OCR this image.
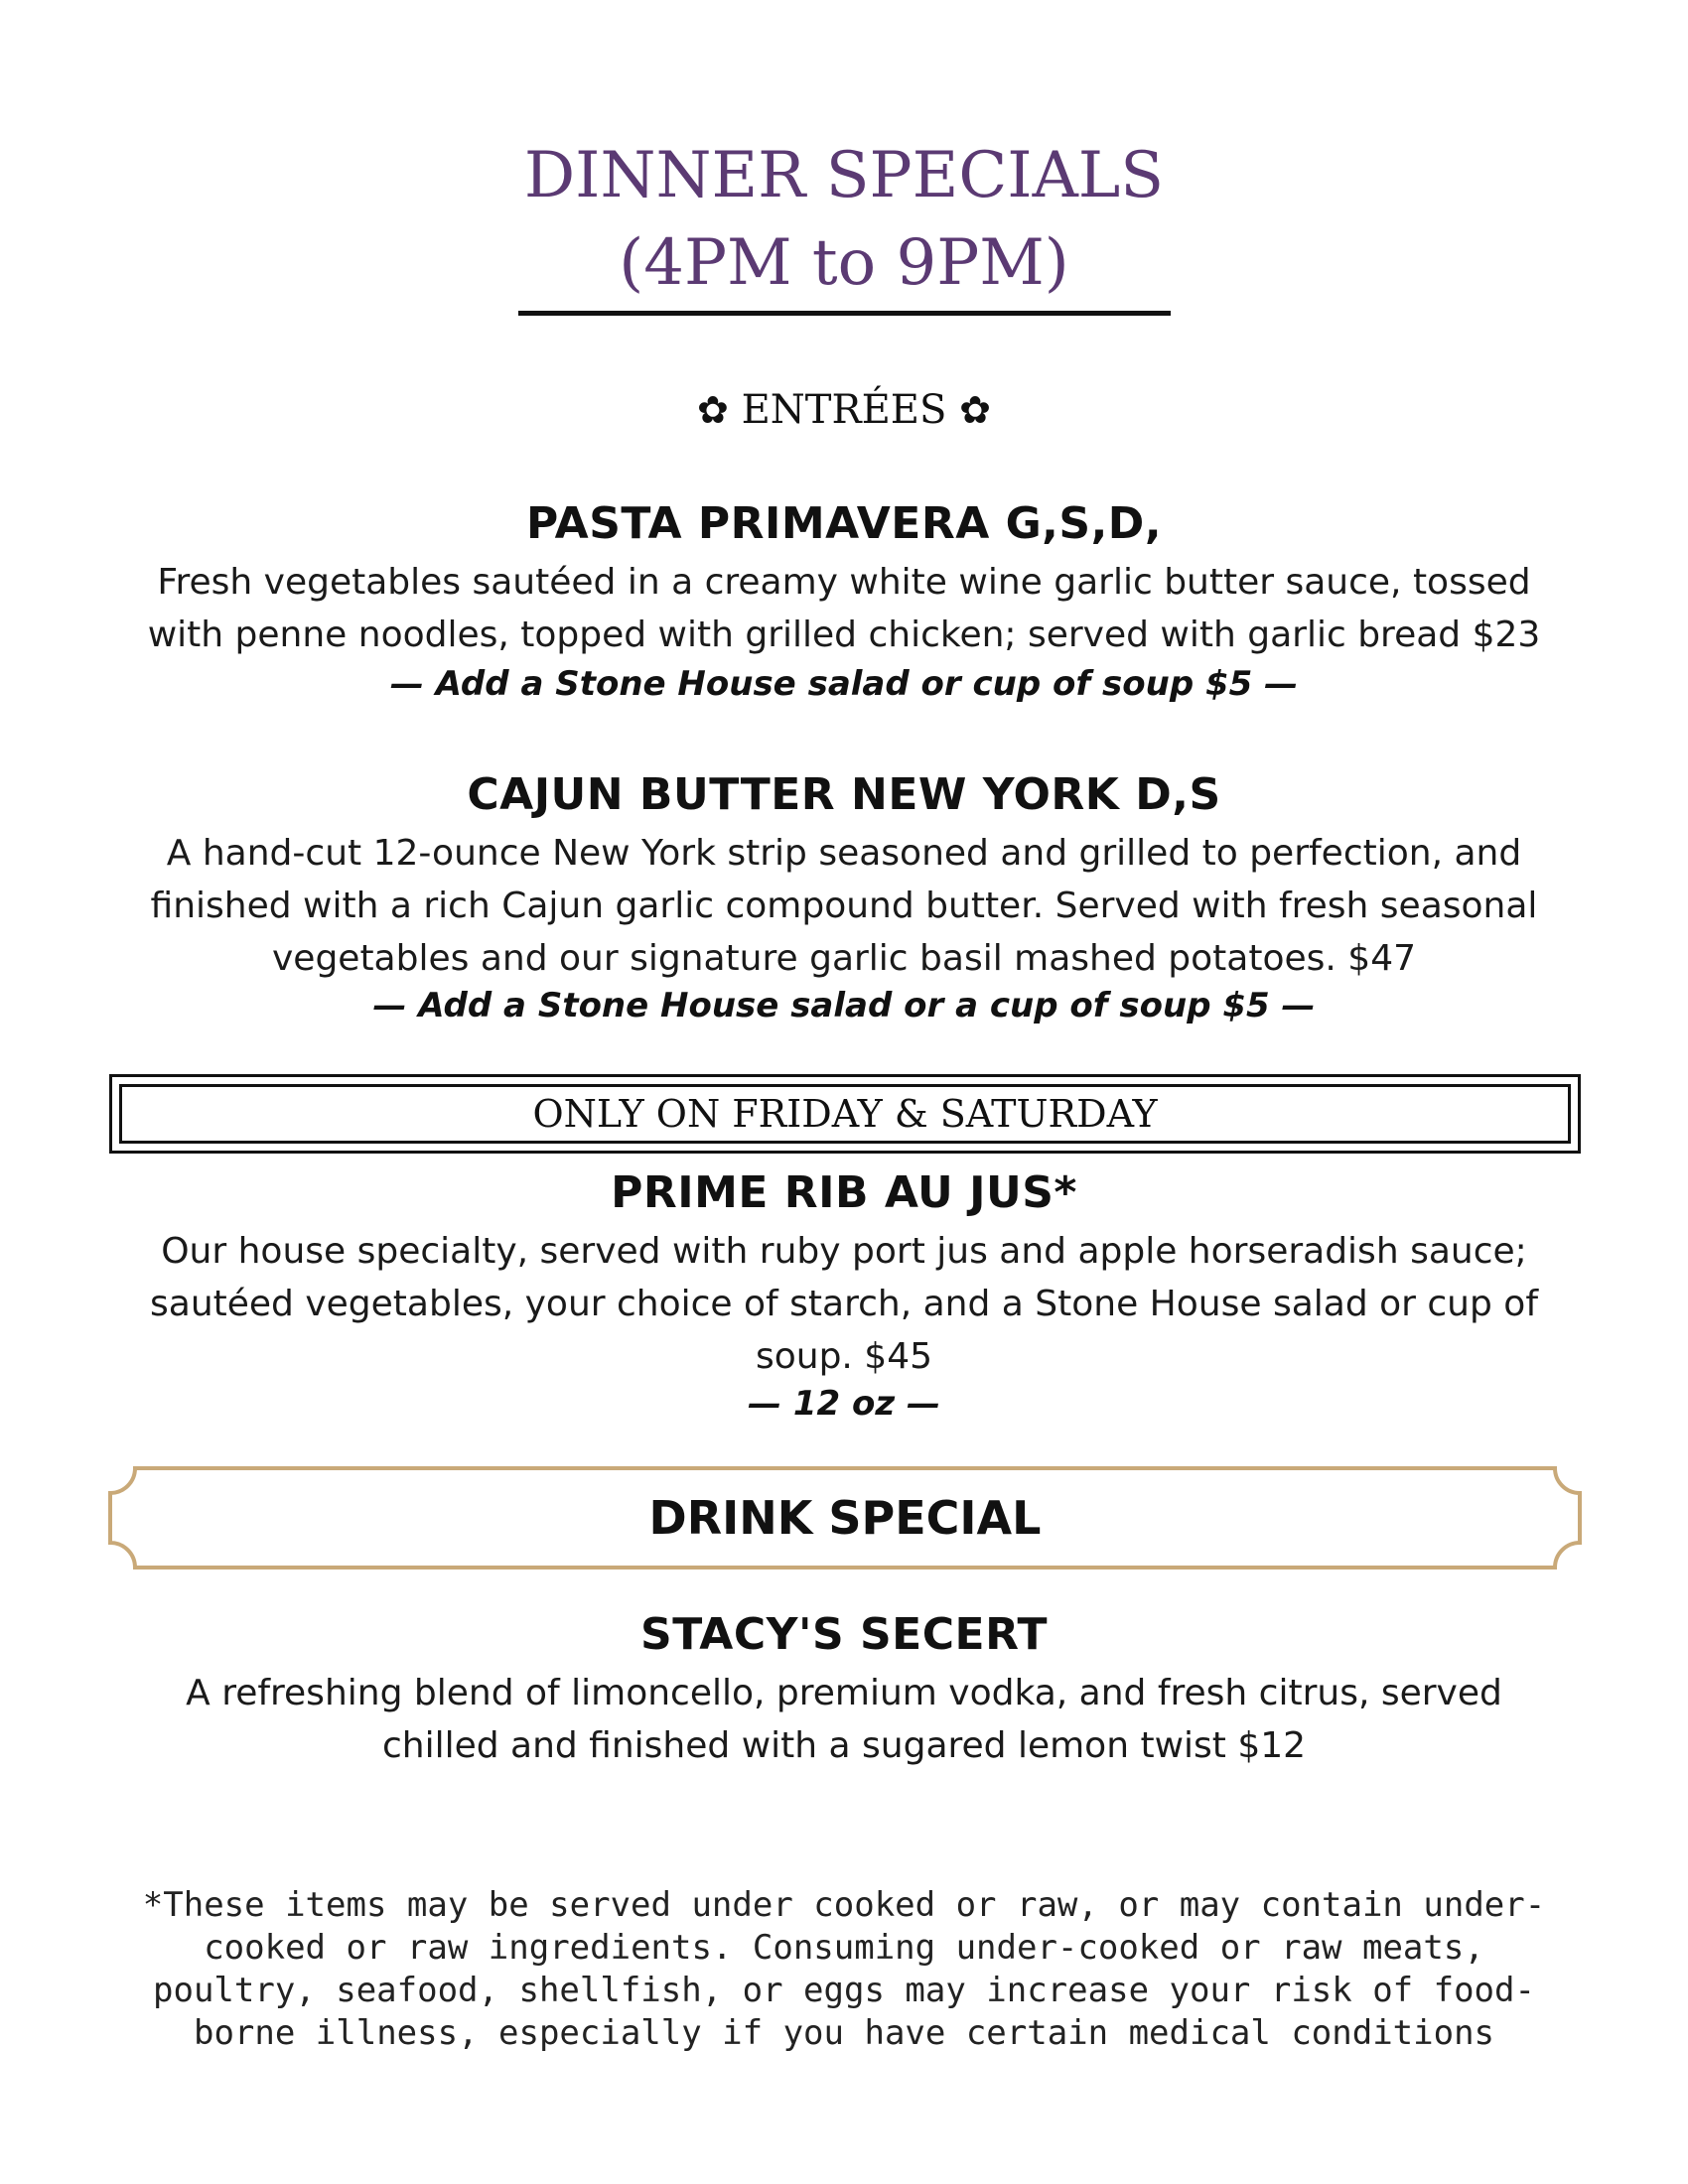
DINNER SPECIALS
(4PM to 9PM)
✿ ENTRÉES ✿
PASTA PRIMAVERA G,S,D,
Fresh vegetables sautéed in a creamy white wine garlic butter sauce, tossed with penne noodles, topped with grilled chicken; served with garlic bread $23
— Add a Stone House salad or cup of soup $5 —
CAJUN BUTTER NEW YORK D,S
A hand-cut 12-ounce New York strip seasoned and grilled to perfection, and finished with a rich Cajun garlic compound butter. Served with fresh seasonal vegetables and our signature garlic basil mashed potatoes. $47
— Add a Stone House salad or a cup of soup $5 —
ONLY ON FRIDAY & SATURDAY
PRIME RIB AU JUS*
Our house specialty, served with ruby port jus and apple horseradish sauce; sautéed vegetables, your choice of starch, and a Stone House salad or cup of soup. $45
— 12 oz —
DRINK SPECIAL
STACY'S SECERT
A refreshing blend of limoncello, premium vodka, and fresh citrus, served chilled and finished with a sugared lemon twist $12
*These items may be served under cooked or raw, or may contain under-cooked or raw ingredients. Consuming under-cooked or raw meats, poultry, seafood, shellfish, or eggs may increase your risk of food-borne illness, especially if you have certain medical conditions
